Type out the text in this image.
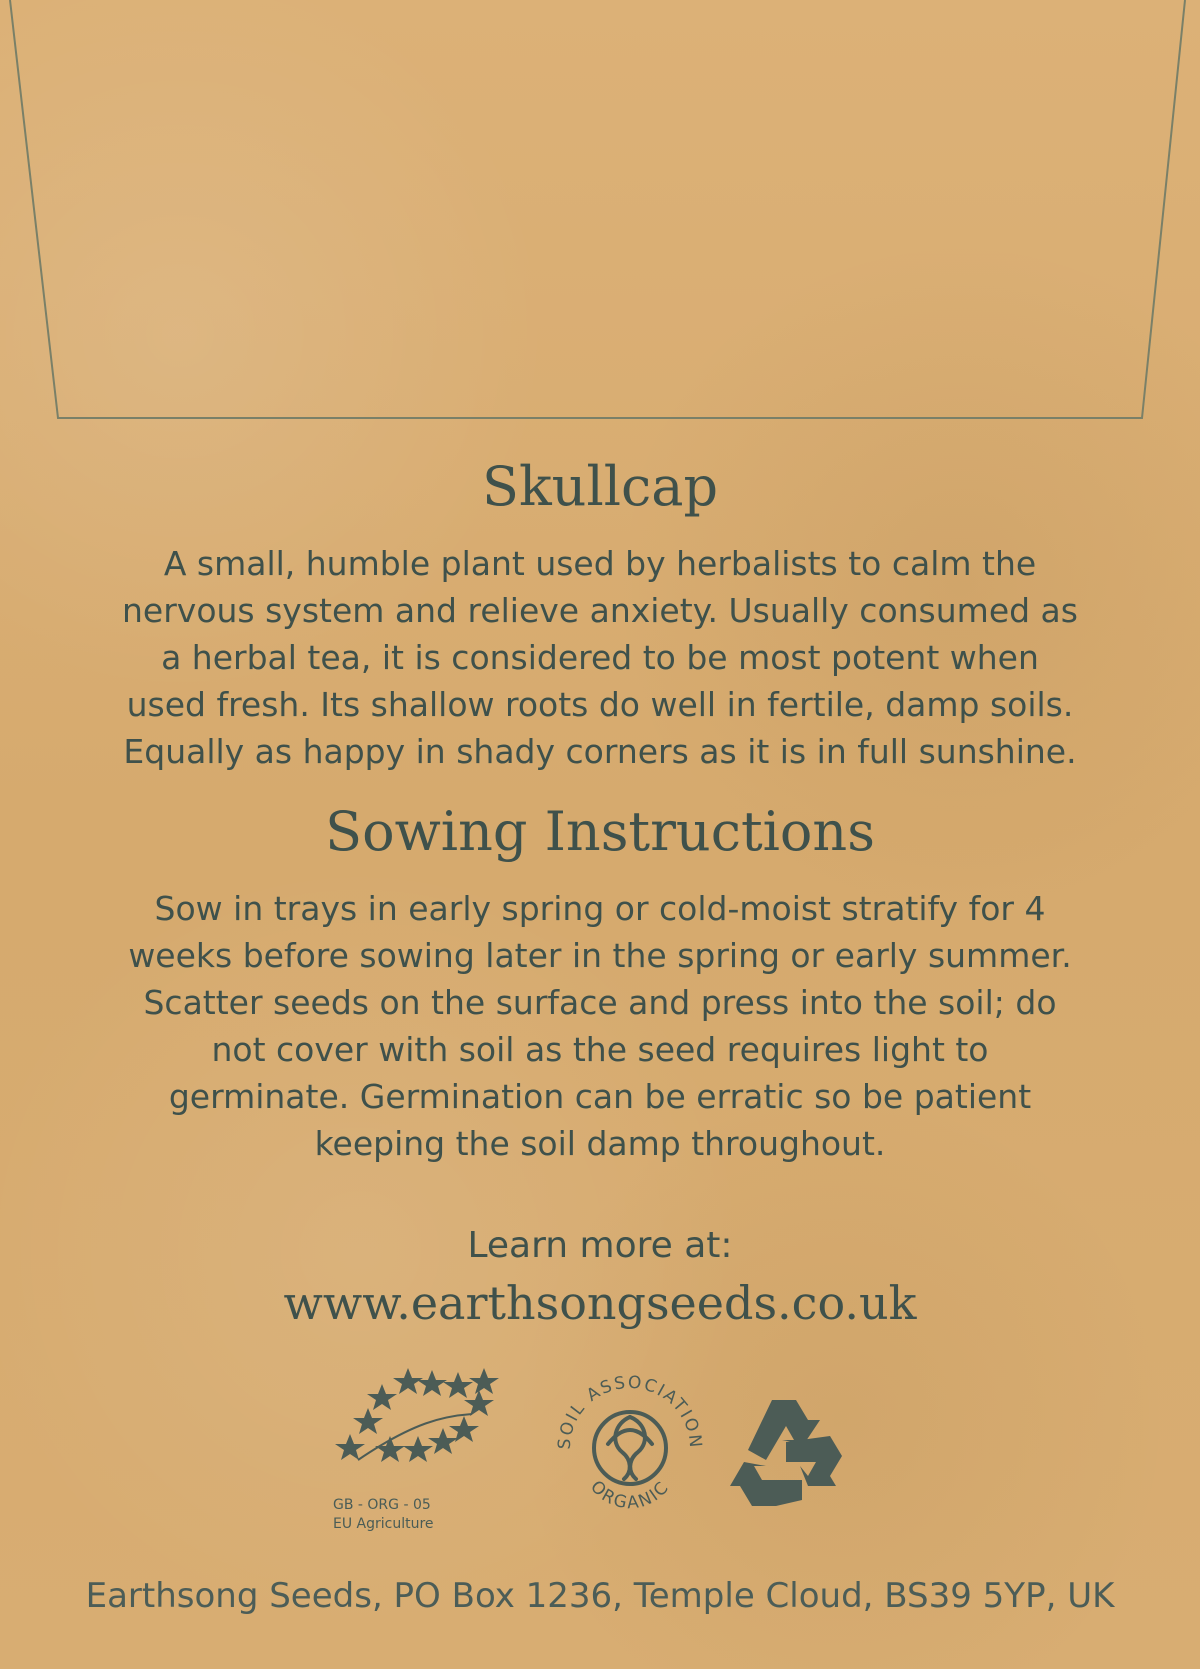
Skullcap
A small, humble plant used by herbalists to calm the
nervous system and relieve anxiety. Usually consumed as
a herbal tea, it is considered to be most potent when
used fresh. Its shallow roots do well in fertile, damp soils.
Equally as happy in shady corners as it is in full sunshine.
Sowing Instructions
Sow in trays in early spring or cold-moist stratify for 4
weeks before sowing later in the spring or early summer.
Scatter seeds on the surface and press into the soil; do
not cover with soil as the seed requires light to
germinate. Germination can be erratic so be patient
keeping the soil damp throughout.
Learn more at:
www.earthsongseeds.co.uk
GB - ORG - 05
EU Agriculture
SOIL ASSOCIATION
ORGANIC
Earthsong Seeds, PO Box 1236, Temple Cloud, BS39 5YP, UK
